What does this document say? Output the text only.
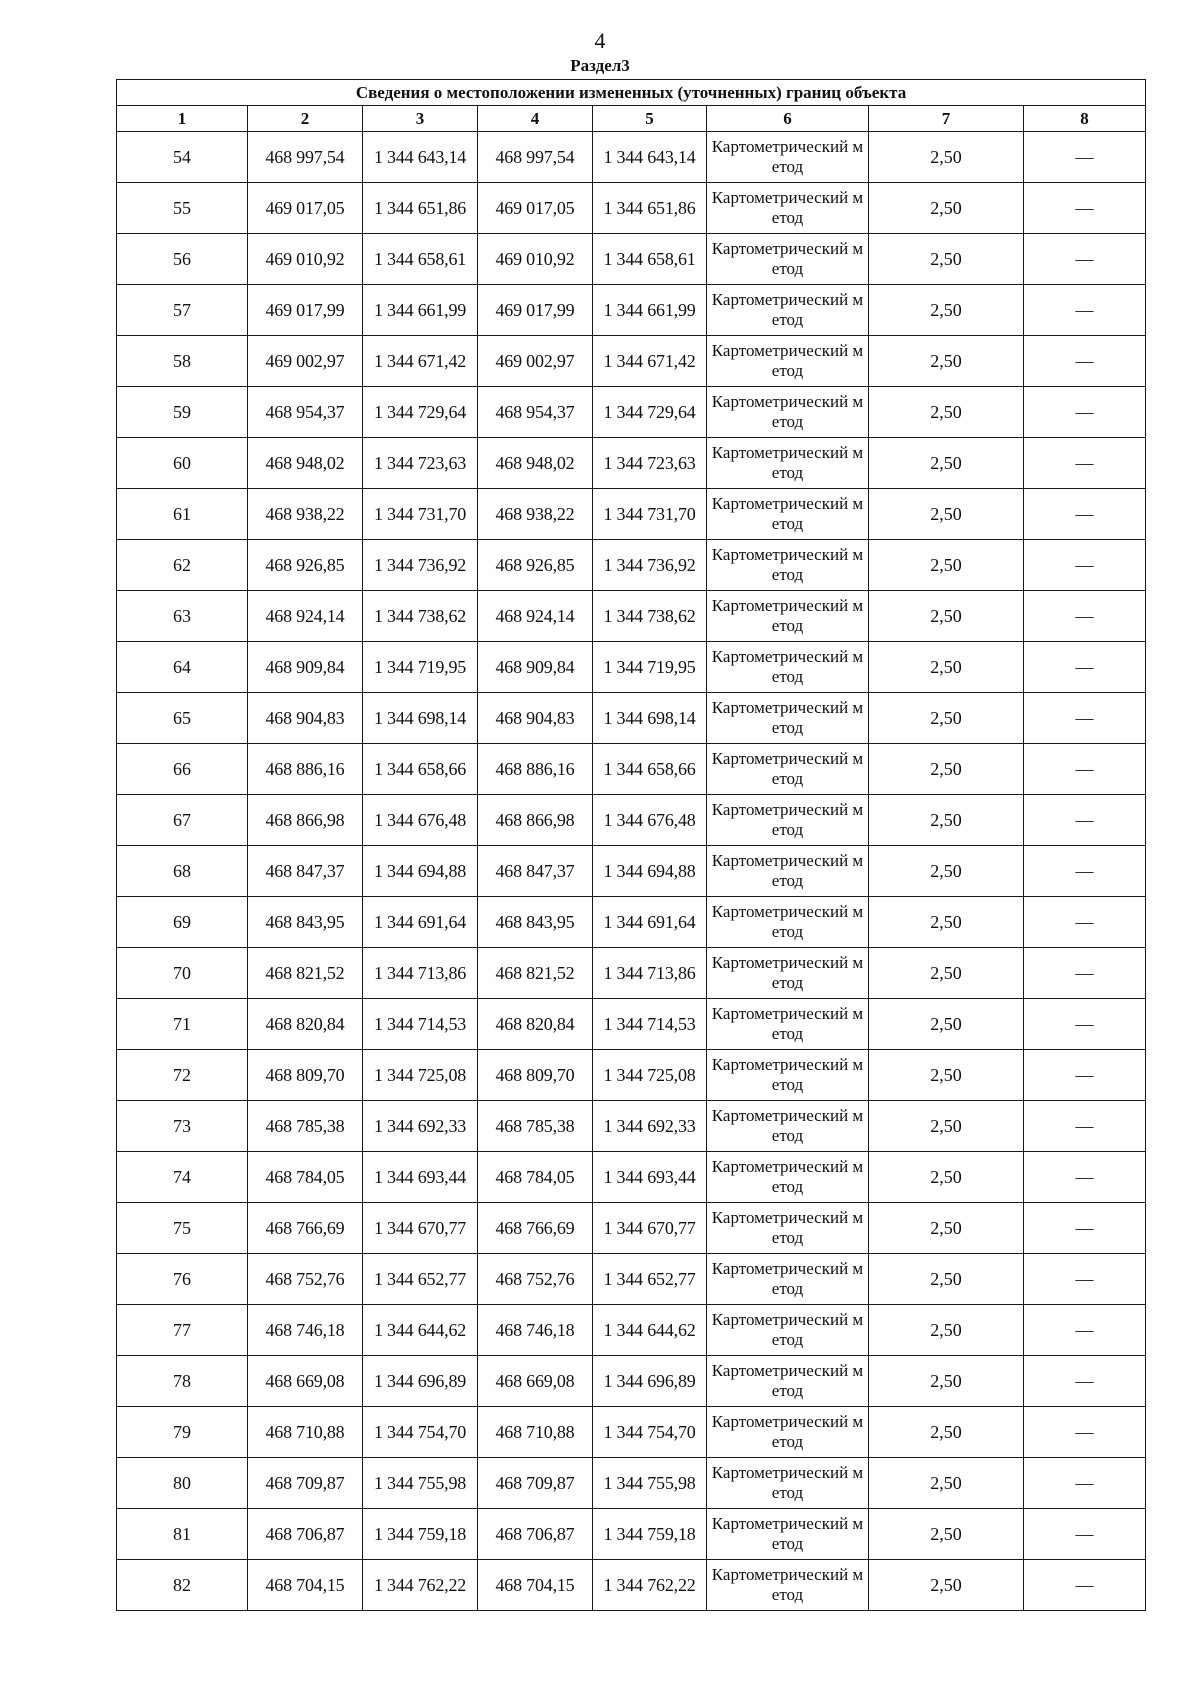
4
Раздел3
Сведения о местоположении измененных (уточненных) границ объекта							
1	2	3	4	5	6	7	8
54	468 997,54	1 344 643,14	468 997,54	1 344 643,14	Картометрический метод	2,50	—
55	469 017,05	1 344 651,86	469 017,05	1 344 651,86	Картометрический метод	2,50	—
56	469 010,92	1 344 658,61	469 010,92	1 344 658,61	Картометрический метод	2,50	—
57	469 017,99	1 344 661,99	469 017,99	1 344 661,99	Картометрический метод	2,50	—
58	469 002,97	1 344 671,42	469 002,97	1 344 671,42	Картометрический метод	2,50	—
59	468 954,37	1 344 729,64	468 954,37	1 344 729,64	Картометрический метод	2,50	—
60	468 948,02	1 344 723,63	468 948,02	1 344 723,63	Картометрический метод	2,50	—
61	468 938,22	1 344 731,70	468 938,22	1 344 731,70	Картометрический метод	2,50	—
62	468 926,85	1 344 736,92	468 926,85	1 344 736,92	Картометрический метод	2,50	—
63	468 924,14	1 344 738,62	468 924,14	1 344 738,62	Картометрический метод	2,50	—
64	468 909,84	1 344 719,95	468 909,84	1 344 719,95	Картометрический метод	2,50	—
65	468 904,83	1 344 698,14	468 904,83	1 344 698,14	Картометрический метод	2,50	—
66	468 886,16	1 344 658,66	468 886,16	1 344 658,66	Картометрический метод	2,50	—
67	468 866,98	1 344 676,48	468 866,98	1 344 676,48	Картометрический метод	2,50	—
68	468 847,37	1 344 694,88	468 847,37	1 344 694,88	Картометрический метод	2,50	—
69	468 843,95	1 344 691,64	468 843,95	1 344 691,64	Картометрический метод	2,50	—
70	468 821,52	1 344 713,86	468 821,52	1 344 713,86	Картометрический метод	2,50	—
71	468 820,84	1 344 714,53	468 820,84	1 344 714,53	Картометрический метод	2,50	—
72	468 809,70	1 344 725,08	468 809,70	1 344 725,08	Картометрический метод	2,50	—
73	468 785,38	1 344 692,33	468 785,38	1 344 692,33	Картометрический метод	2,50	—
74	468 784,05	1 344 693,44	468 784,05	1 344 693,44	Картометрический метод	2,50	—
75	468 766,69	1 344 670,77	468 766,69	1 344 670,77	Картометрический метод	2,50	—
76	468 752,76	1 344 652,77	468 752,76	1 344 652,77	Картометрический метод	2,50	—
77	468 746,18	1 344 644,62	468 746,18	1 344 644,62	Картометрический метод	2,50	—
78	468 669,08	1 344 696,89	468 669,08	1 344 696,89	Картометрический метод	2,50	—
79	468 710,88	1 344 754,70	468 710,88	1 344 754,70	Картометрический метод	2,50	—
80	468 709,87	1 344 755,98	468 709,87	1 344 755,98	Картометрический метод	2,50	—
81	468 706,87	1 344 759,18	468 706,87	1 344 759,18	Картометрический метод	2,50	—
82	468 704,15	1 344 762,22	468 704,15	1 344 762,22	Картометрический метод	2,50	—
